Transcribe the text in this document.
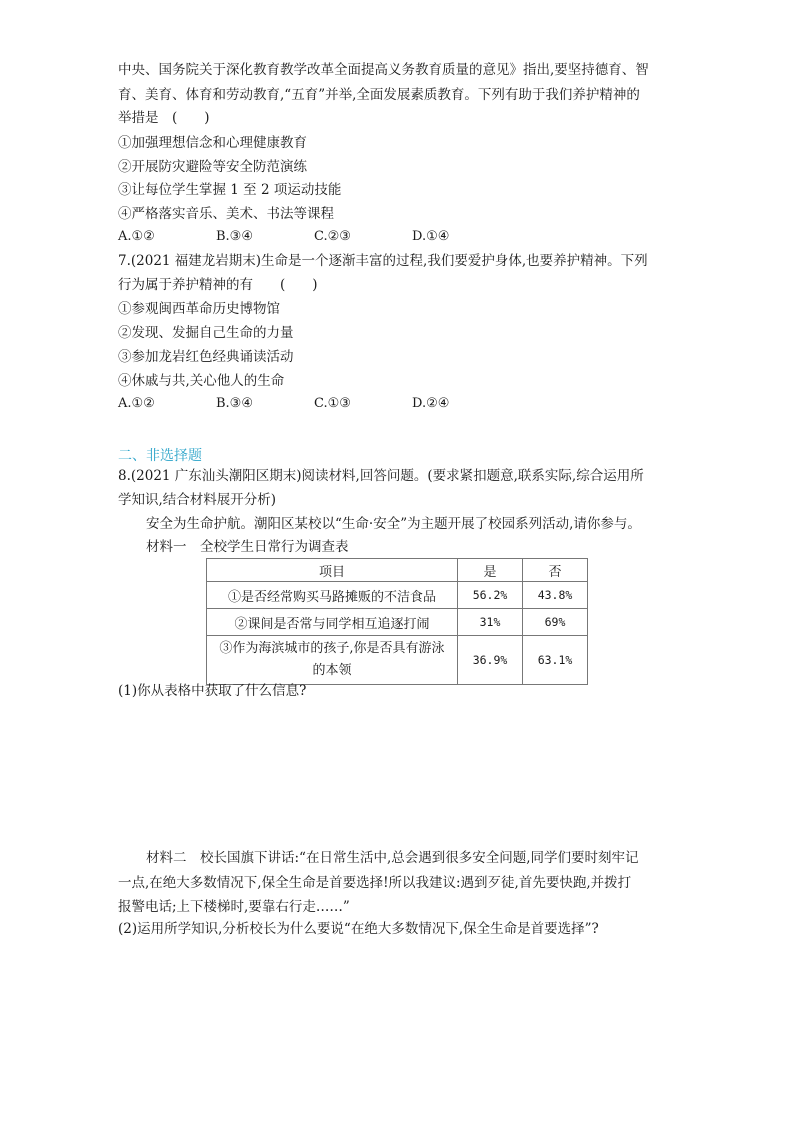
中央、国务院关于深化教育教学改革全面提高义务教育质量的意见》指出,要坚持德育、智
育、美育、体育和劳动教育,“五育”并举,全面发展素质教育。下列有助于我们养护精神的
举措是　(　　)
①加强理想信念和心理健康教育
②开展防灾避险等安全防范演练
③让每位学生掌握 1 至 2 项运动技能
④严格落实音乐、美术、书法等课程
A.①②	B.③④	C.②③	D.①④
7.(2021 福建龙岩期末)生命是一个逐渐丰富的过程,我们要爱护身体,也要养护精神。下列
行为属于养护精神的有　　(　　)
①参观闽西革命历史博物馆
②发现、发掘自己生命的力量
③参加龙岩红色经典诵读活动
④休戚与共,关心他人的生命
A.①②	B.③④	C.①③	D.②④
二、非选择题
8.(2021 广东汕头潮阳区期末)阅读材料,回答问题。(要求紧扣题意,联系实际,综合运用所
学知识,结合材料展开分析)
安全为生命护航。潮阳区某校以“生命·安全”为主题开展了校园系列活动,请你参与。
材料一　全校学生日常行为调查表
项目	是	否
①是否经常购买马路摊贩的不洁食品	56.2%	43.8%
②课间是否常与同学相互追逐打闹	31%	69%

③作为海滨城市的孩子,你是否具有游泳
的本领	36.9%	63.1%
(1)你从表格中获取了什么信息?
材料二　校长国旗下讲话:“在日常生活中,总会遇到很多安全问题,同学们要时刻牢记
一点,在绝大多数情况下,保全生命是首要选择!所以我建议:遇到歹徒,首先要快跑,并拨打
报警电话;上下楼梯时,要靠右行走……”
(2)运用所学知识,分析校长为什么要说“在绝大多数情况下,保全生命是首要选择”?
